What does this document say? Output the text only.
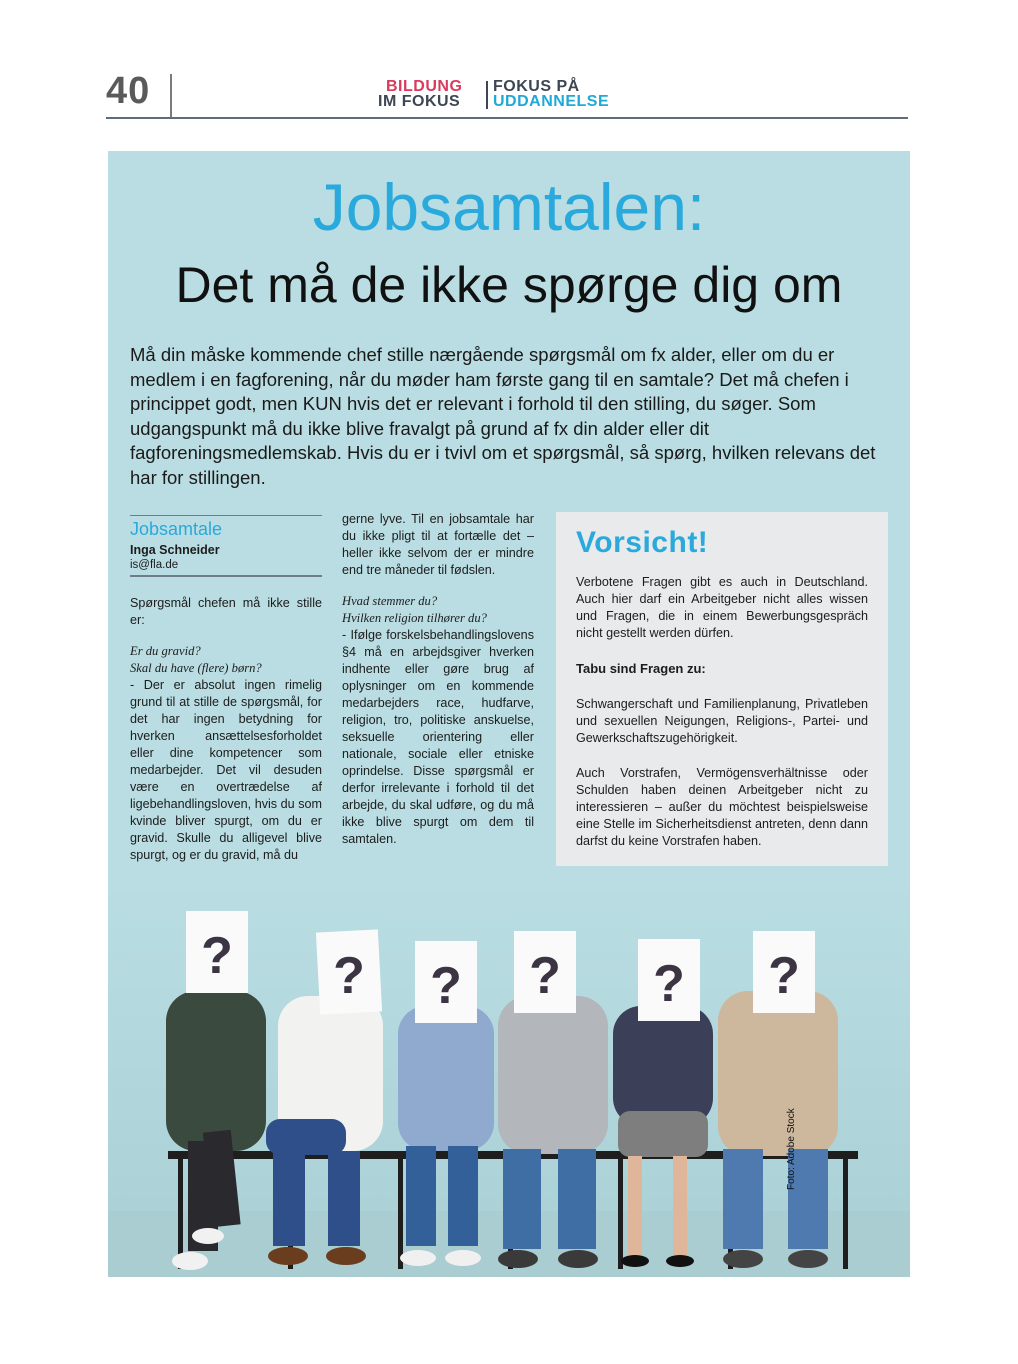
40	BILDUNG
IM FOKUS
FOKUS PÅ
UDDANNELSE
Jobsamtalen:
Det må de ikke spørge dig om
Må din måske kommende chef stille nærgående spørgsmål om fx alder, eller om du er medlem i en fagforening, når du møder ham første gang til en samtale? Det må chefen i princippet godt, men KUN hvis det er relevant i forhold til den stilling, du søger. Som udgangspunkt må du ikke blive fravalgt på grund af fx din alder eller dit fagforeningsmedlemskab. Hvis du er i tvivl om et spørgsmål, så spørg, hvilken relevans det har for stillingen.
Jobsamtale
Inga Schneider
is@fla.de

Spørgsmål chefen må ikke stille er:

Er du gravid?
Skal du have (flere) børn?
- Der er absolut ingen rimelig grund til at stille de spørgsmål, for det har ingen betydning for hverken ansættelsesforholdet eller dine kompetencer som medarbejder. Det vil desuden være en overtrædelse af ligebehandlingsloven, hvis du som kvinde bliver spurgt, om du er gravid. Skulle du alligevel blive spurgt, og er du gravid, må du

gerne lyve. Til en jobsamtale har du ikke pligt til at fortælle det – heller ikke selvom der er mindre end tre måneder til fødslen.

Hvad stemmer du?
Hvilken religion tilhører du?
- Ifølge forskelsbehandlingslovens §4 må en arbejdsgiver hverken indhente eller gøre brug af oplysninger om en kommende medarbejders race, hudfarve, religion, tro, politiske anskuelse, seksuelle orientering eller nationale, sociale eller etniske oprindelse. Disse spørgsmål er derfor irrelevante i forhold til det arbejde, du skal udføre, og du må ikke blive spurgt om dem til samtalen.

Vorsicht!

Verbotene Fragen gibt es auch in Deutschland. Auch hier darf ein Arbeitgeber nicht alles wissen und Fragen, die in einem Bewerbungsgespräch nicht gestellt werden dürfen.

Tabu sind Fragen zu:

Schwangerschaft und Familienplanung, Privatleben und sexuellen Neigungen, Religions-, Partei- und Gewerkschaftszugehörigkeit.

Auch Vorstrafen, Vermögensverhältnisse oder Schulden haben deinen Arbeitgeber nicht zu interessieren – außer du möchtest beispielsweise eine Stelle im Sicherheitsdienst antreten, denn dann darfst du keine Vorstrafen haben.

? ? ? ? ? ?
Foto: Adobe Stock
